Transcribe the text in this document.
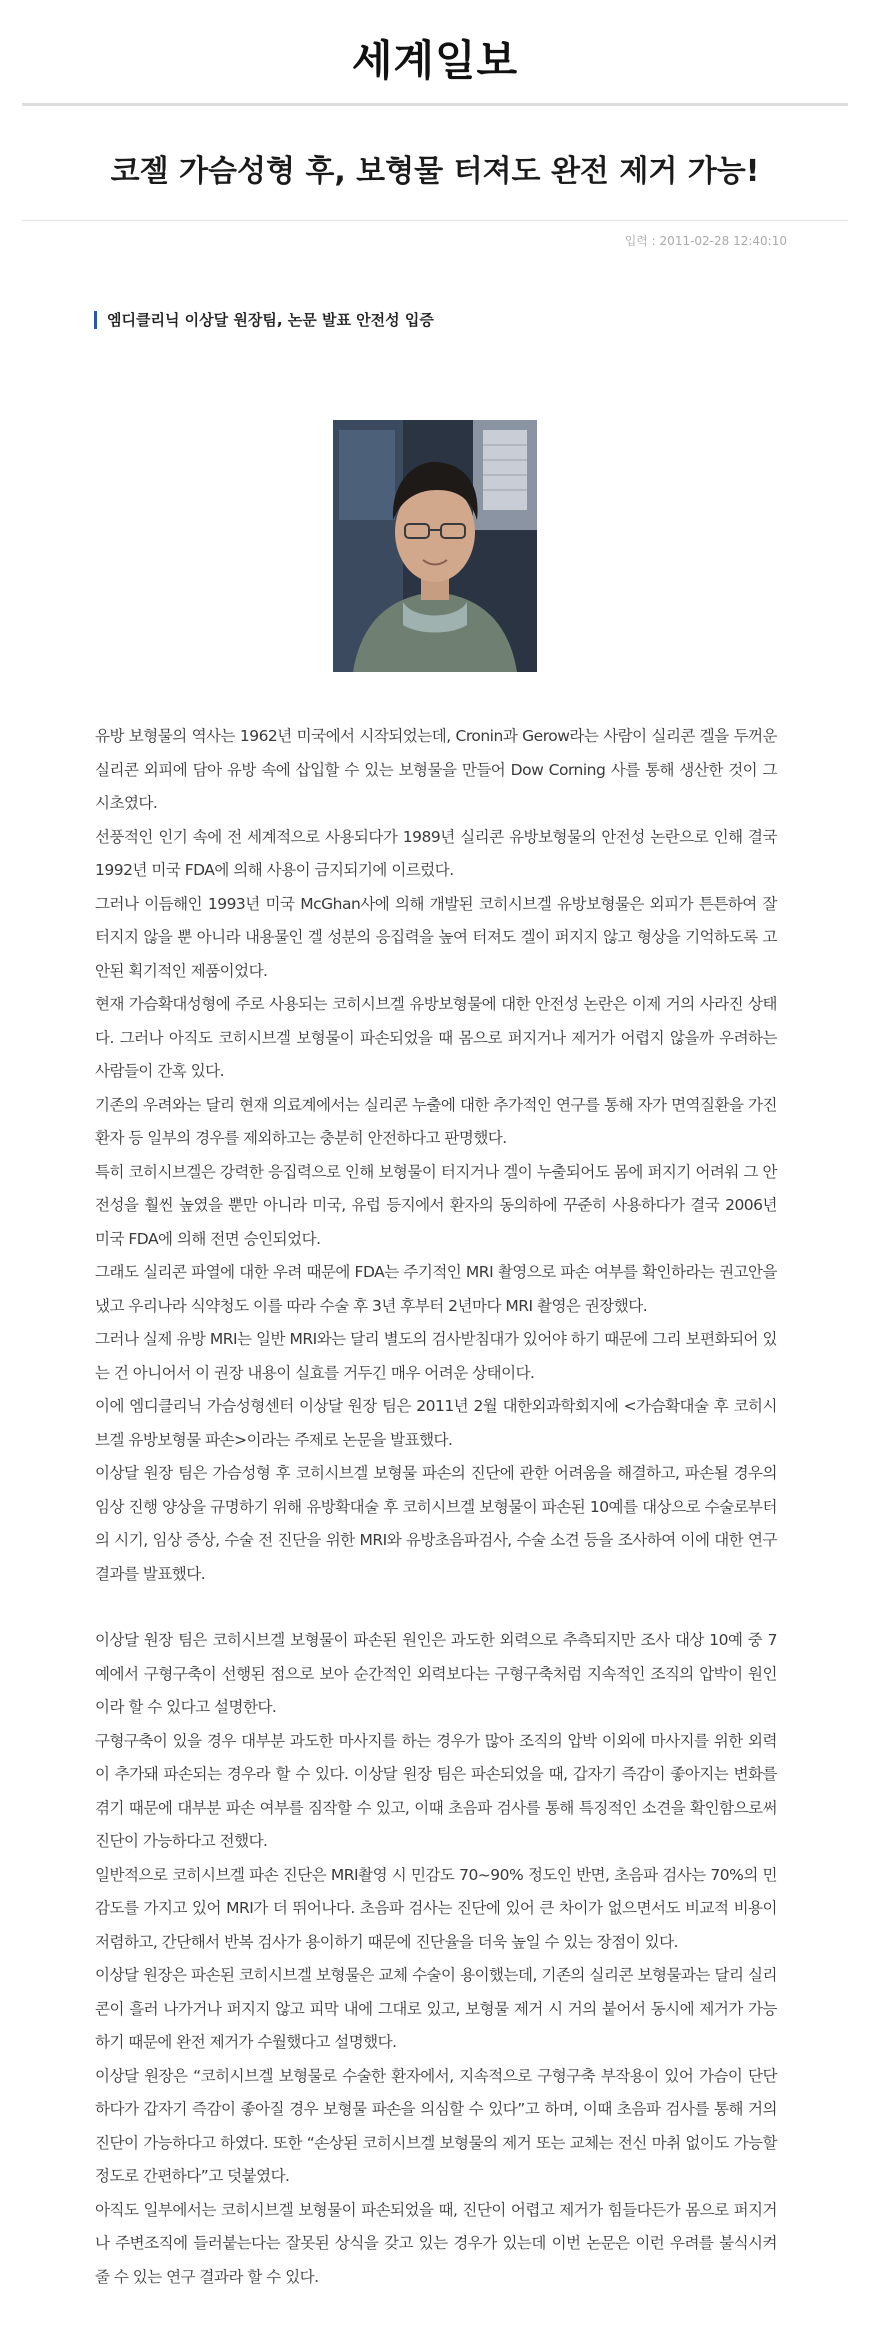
세계일보
코젤 가슴성형 후, 보형물 터져도 완전 제거 가능!
입력 : 2011-02-28 12:40:10
엠디클리닉 이상달 원장팀, 논문 발표 안전성 입증

유방 보형물의 역사는 1962년 미국에서 시작되었는데, Cronin과 Gerow라는 사람이 실리콘 겔을 두꺼운 실리콘 외피에 담아 유방 속에 삽입할 수 있는 보형물을 만들어 Dow Corning 사를 통해 생산한 것이 그 시초였다.

선풍적인 인기 속에 전 세계적으로 사용되다가 1989년 실리콘 유방보형물의 안전성 논란으로 인해 결국 1992년 미국 FDA에 의해 사용이 금지되기에 이르렀다.

그러나 이듬해인 1993년 미국 McGhan사에 의해 개발된 코히시브겔 유방보형물은 외피가 튼튼하여 잘 터지지 않을 뿐 아니라 내용물인 겔 성분의 응집력을 높여 터져도 겔이 퍼지지 않고 형상을 기억하도록 고안된 획기적인 제품이었다.

현재 가슴확대성형에 주로 사용되는 코히시브겔 유방보형물에 대한 안전성 논란은 이제 거의 사라진 상태다. 그러나 아직도 코히시브겔 보형물이 파손되었을 때 몸으로 퍼지거나 제거가 어렵지 않을까 우려하는 사람들이 간혹 있다.

기존의 우려와는 달리 현재 의료계에서는 실리콘 누출에 대한 추가적인 연구를 통해 자가 면역질환을 가진 환자 등 일부의 경우를 제외하고는 충분히 안전하다고 판명했다.

특히 코히시브겔은 강력한 응집력으로 인해 보형물이 터지거나 겔이 누출되어도 몸에 퍼지기 어려워 그 안전성을 훨씬 높였을 뿐만 아니라 미국, 유럽 등지에서 환자의 동의하에 꾸준히 사용하다가 결국 2006년 미국 FDA에 의해 전면 승인되었다.

그래도 실리콘 파열에 대한 우려 때문에 FDA는 주기적인 MRI 촬영으로 파손 여부를 확인하라는 권고안을 냈고 우리나라 식약청도 이를 따라 수술 후 3년 후부터 2년마다 MRI 촬영은 권장했다.

그러나 실제 유방 MRI는 일반 MRI와는 달리 별도의 검사받침대가 있어야 하기 때문에 그리 보편화되어 있는 건 아니어서 이 권장 내용이 실효를 거두긴 매우 어려운 상태이다.

이에 엠디클리닉 가슴성형센터 이상달 원장 팀은 2011년 2월 대한외과학회지에 <가슴확대술 후 코히시브겔 유방보형물 파손>이라는 주제로 논문을 발표했다.

이상달 원장 팀은 가슴성형 후 코히시브겔 보형물 파손의 진단에 관한 어려움을 해결하고, 파손될 경우의 임상 진행 양상을 규명하기 위해 유방확대술 후 코히시브겔 보형물이 파손된 10예를 대상으로 수술로부터의 시기, 임상 증상, 수술 전 진단을 위한 MRI와 유방초음파검사, 수술 소견 등을 조사하여 이에 대한 연구 결과를 발표했다.

이상달 원장 팀은 코히시브겔 보형물이 파손된 원인은 과도한 외력으로 추측되지만 조사 대상 10예 중 7예에서 구형구축이 선행된 점으로 보아 순간적인 외력보다는 구형구축처럼 지속적인 조직의 압박이 원인이라 할 수 있다고 설명한다.

구형구축이 있을 경우 대부분 과도한 마사지를 하는 경우가 많아 조직의 압박 이외에 마사지를 위한 외력이 추가돼 파손되는 경우라 할 수 있다. 이상달 원장 팀은 파손되었을 때, 갑자기 즉감이 좋아지는 변화를 겪기 때문에 대부분 파손 여부를 짐작할 수 있고, 이때 초음파 검사를 통해 특징적인 소견을 확인함으로써 진단이 가능하다고 전했다.

일반적으로 코히시브겔 파손 진단은 MRI촬영 시 민감도 70~90% 정도인 반면, 초음파 검사는 70%의 민감도를 가지고 있어 MRI가 더 뛰어나다. 초음파 검사는 진단에 있어 큰 차이가 없으면서도 비교적 비용이 저렴하고, 간단해서 반복 검사가 용이하기 때문에 진단율을 더욱 높일 수 있는 장점이 있다.

이상달 원장은 파손된 코히시브겔 보형물은 교체 수술이 용이했는데, 기존의 실리콘 보형물과는 달리 실리콘이 흘러 나가거나 퍼지지 않고 피막 내에 그대로 있고, 보형물 제거 시 거의 붙어서 동시에 제거가 가능하기 때문에 완전 제거가 수월했다고 설명했다.

이상달 원장은 “코히시브겔 보형물로 수술한 환자에서, 지속적으로 구형구축 부작용이 있어 가슴이 단단하다가 갑자기 즉감이 좋아질 경우 보형물 파손을 의심할 수 있다”고 하며, 이때 초음파 검사를 통해 거의 진단이 가능하다고 하였다. 또한 “손상된 코히시브겔 보형물의 제거 또는 교체는 전신 마취 없이도 가능할 정도로 간편하다”고 덧붙였다.

아직도 일부에서는 코히시브겔 보형물이 파손되었을 때, 진단이 어렵고 제거가 힘들다든가 몸으로 퍼지거나 주변조직에 들러붙는다는 잘못된 상식을 갖고 있는 경우가 있는데 이번 논문은 이런 우려를 불식시켜 줄 수 있는 연구 결과라 할 수 있다.
